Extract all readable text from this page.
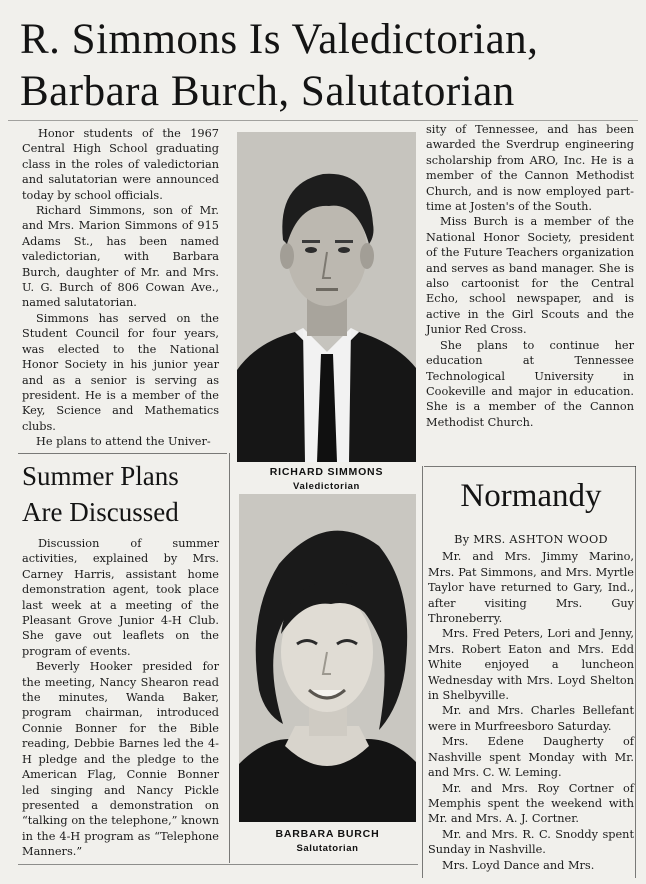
R. Simmons Is Valedictorian,
Barbara Burch, Salutatorian

Honor students of the 1967 Central High School graduating class in the roles of valedictorian and salutatorian were announced today by school officials.

Richard Simmons, son of Mr. and Mrs. Marion Simmons of 915 Adams St., has been named valedictorian, with Barbara Burch, daughter of Mr. and Mrs. U. G. Burch of 806 Cowan Ave., named salutatorian.

Simmons has served on the Student Council for four years, was elected to the National Honor Society in his junior year and as a senior is serving as president. He is a member of the Key, Science and Mathematics clubs.

He plans to attend the Univer-

sity of Tennessee, and has been awarded the Sverdrup engineering scholarship from ARO, Inc. He is a member of the Cannon Methodist Church, and is now employed part-time at Josten's of the South.

Miss Burch is a member of the National Honor Society, president of the Future Teachers organization and serves as band manager. She is also cartoonist for the Central Echo, school newspaper, and is active in the Girl Scouts and the Junior Red Cross.

She plans to continue her education at Tennessee Technological University in Cookeville and major in education. She is a member of the Cannon Methodist Church.

RICHARD SIMMONS
Valedictorian
Summer Plans
Are Discussed

Discussion of summer activities, explained by Mrs. Carney Harris, assistant home demonstration agent, took place last week at a meeting of the Pleasant Grove Junior 4-H Club. She gave out leaflets on the program of events.

Beverly Hooker presided for the meeting, Nancy Shearon read the minutes, Wanda Baker, program chairman, introduced Connie Bonner for the Bible reading, Debbie Barnes led the 4-H pledge and the pledge to the American Flag, Connie Bonner led singing and Nancy Pickle presented a demonstration on “talking on the telephone,” known in the 4-H program as “Telephone Manners.”

BARBARA BURCH
Salutatorian
Normandy

By MRS. ASHTON WOOD

Mr. and Mrs. Jimmy Marino, Mrs. Pat Simmons, and Mrs. Myrtle Taylor have returned to Gary, Ind., after visiting Mrs. Guy Throneberry.

Mrs. Fred Peters, Lori and Jenny, Mrs. Robert Eaton and Mrs. Edd White enjoyed a luncheon Wednesday with Mrs. Loyd Shelton in Shelbyville.

Mr. and Mrs. Charles Bellefant were in Murfreesboro Saturday.

Mrs. Edene Daugherty of Nashville spent Monday with Mr. and Mrs. C. W. Leming.

Mr. and Mrs. Roy Cortner of Memphis spent the weekend with Mr. and Mrs. A. J. Cortner.

Mr. and Mrs. R. C. Snoddy spent Sunday in Nashville.

Mrs. Loyd Dance and Mrs.
